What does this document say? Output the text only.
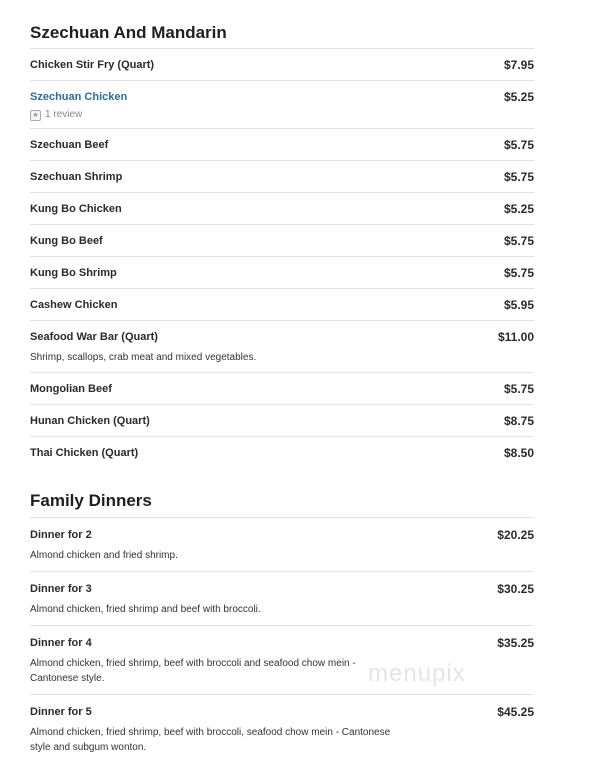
Szechuan And Mandarin
Chicken Stir Fry (Quart)	$7.95
Szechuan Chicken	$5.25
★ 1 review
Szechuan Beef	$5.75
Szechuan Shrimp	$5.75
Kung Bo Chicken	$5.25
Kung Bo Beef	$5.75
Kung Bo Shrimp	$5.75
Cashew Chicken	$5.95
Seafood War Bar (Quart)	$11.00
Shrimp, scallops, crab meat and mixed vegetables.
Mongolian Beef	$5.75
Hunan Chicken (Quart)	$8.75
Thai Chicken (Quart)	$8.50
Family Dinners
Dinner for 2	$20.25
Almond chicken and fried shrimp.
Dinner for 3	$30.25
Almond chicken, fried shrimp and beef with broccoli.
Dinner for 4	$35.25
Almond chicken, fried shrimp, beef with broccoli and seafood chow mein - Cantonese style.
Dinner for 5	$45.25
Almond chicken, fried shrimp, beef with broccoli, seafood chow mein - Cantonese style and subgum wonton.
menupix
